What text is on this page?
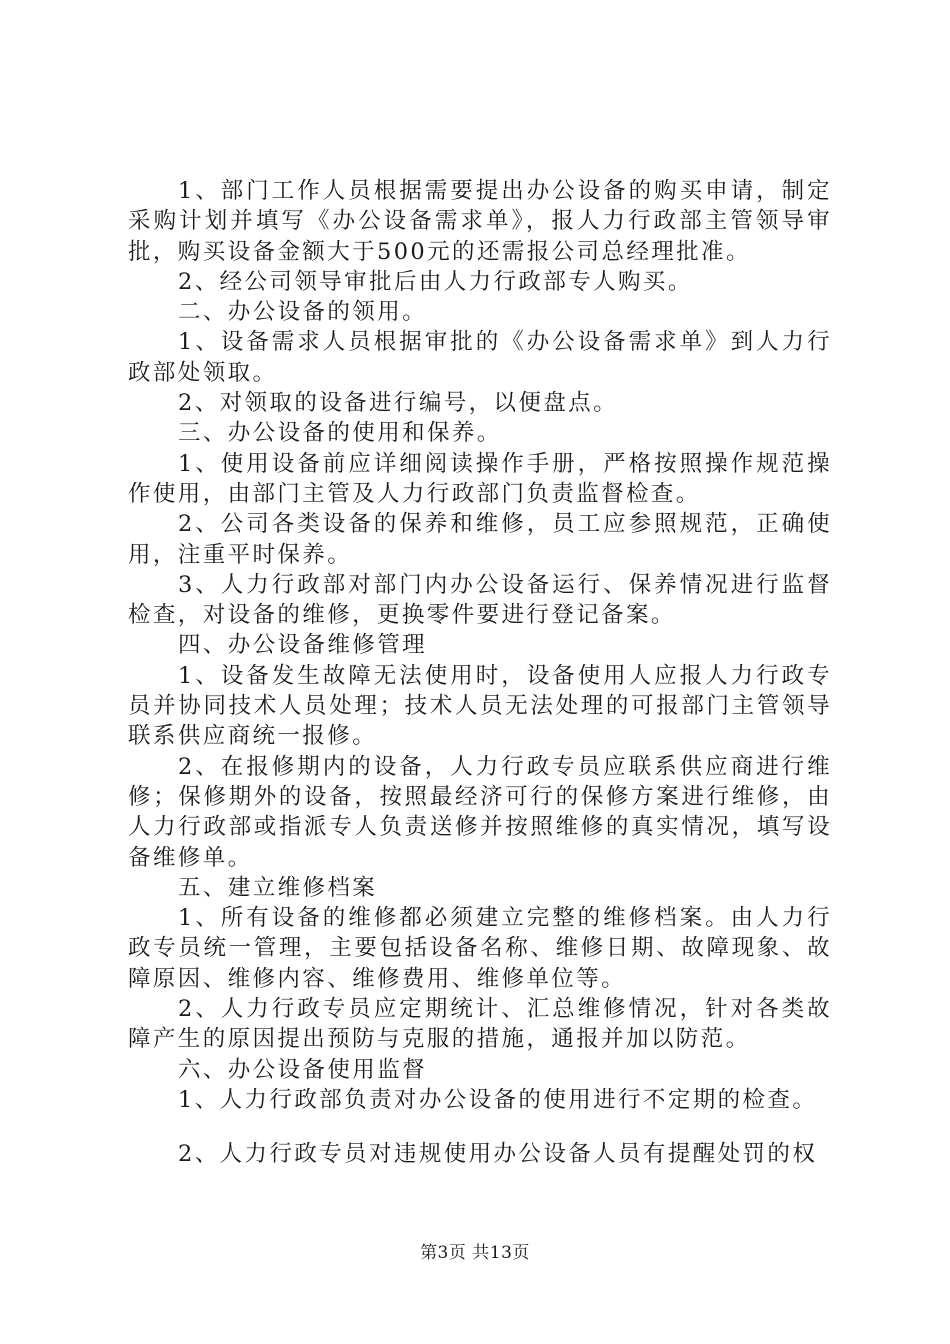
1、部门工作人员根据需要提出办公设备的购买申请，制定采购计划并填写《办公设备需求单》，报人力行政部主管领导审批，购买设备金额大于500元的还需报公司总经理批准。

2、经公司领导审批后由人力行政部专人购买。

二、办公设备的领用。

1、设备需求人员根据审批的《办公设备需求单》到人力行政部处领取。

2、对领取的设备进行编号，以便盘点。

三、办公设备的使用和保养。

1、使用设备前应详细阅读操作手册，严格按照操作规范操作使用，由部门主管及人力行政部门负责监督检查。

2、公司各类设备的保养和维修，员工应参照规范，正确使用，注重平时保养。

3、人力行政部对部门内办公设备运行、保养情况进行监督检查，对设备的维修，更换零件要进行登记备案。

四、办公设备维修管理

1、设备发生故障无法使用时，设备使用人应报人力行政专员并协同技术人员处理；技术人员无法处理的可报部门主管领导联系供应商统一报修。

2、在报修期内的设备，人力行政专员应联系供应商进行维修；保修期外的设备，按照最经济可行的保修方案进行维修，由人力行政部或指派专人负责送修并按照维修的真实情况，填写设备维修单。

五、建立维修档案

1、所有设备的维修都必须建立完整的维修档案。由人力行政专员统一管理，主要包括设备名称、维修日期、故障现象、故障原因、维修内容、维修费用、维修单位等。

2、人力行政专员应定期统计、汇总维修情况，针对各类故障产生的原因提出预防与克服的措施，通报并加以防范。

六、办公设备使用监督

1、人力行政部负责对办公设备的使用进行不定期的检查。

2、人力行政专员对违规使用办公设备人员有提醒处罚的权

第3页 共13页
